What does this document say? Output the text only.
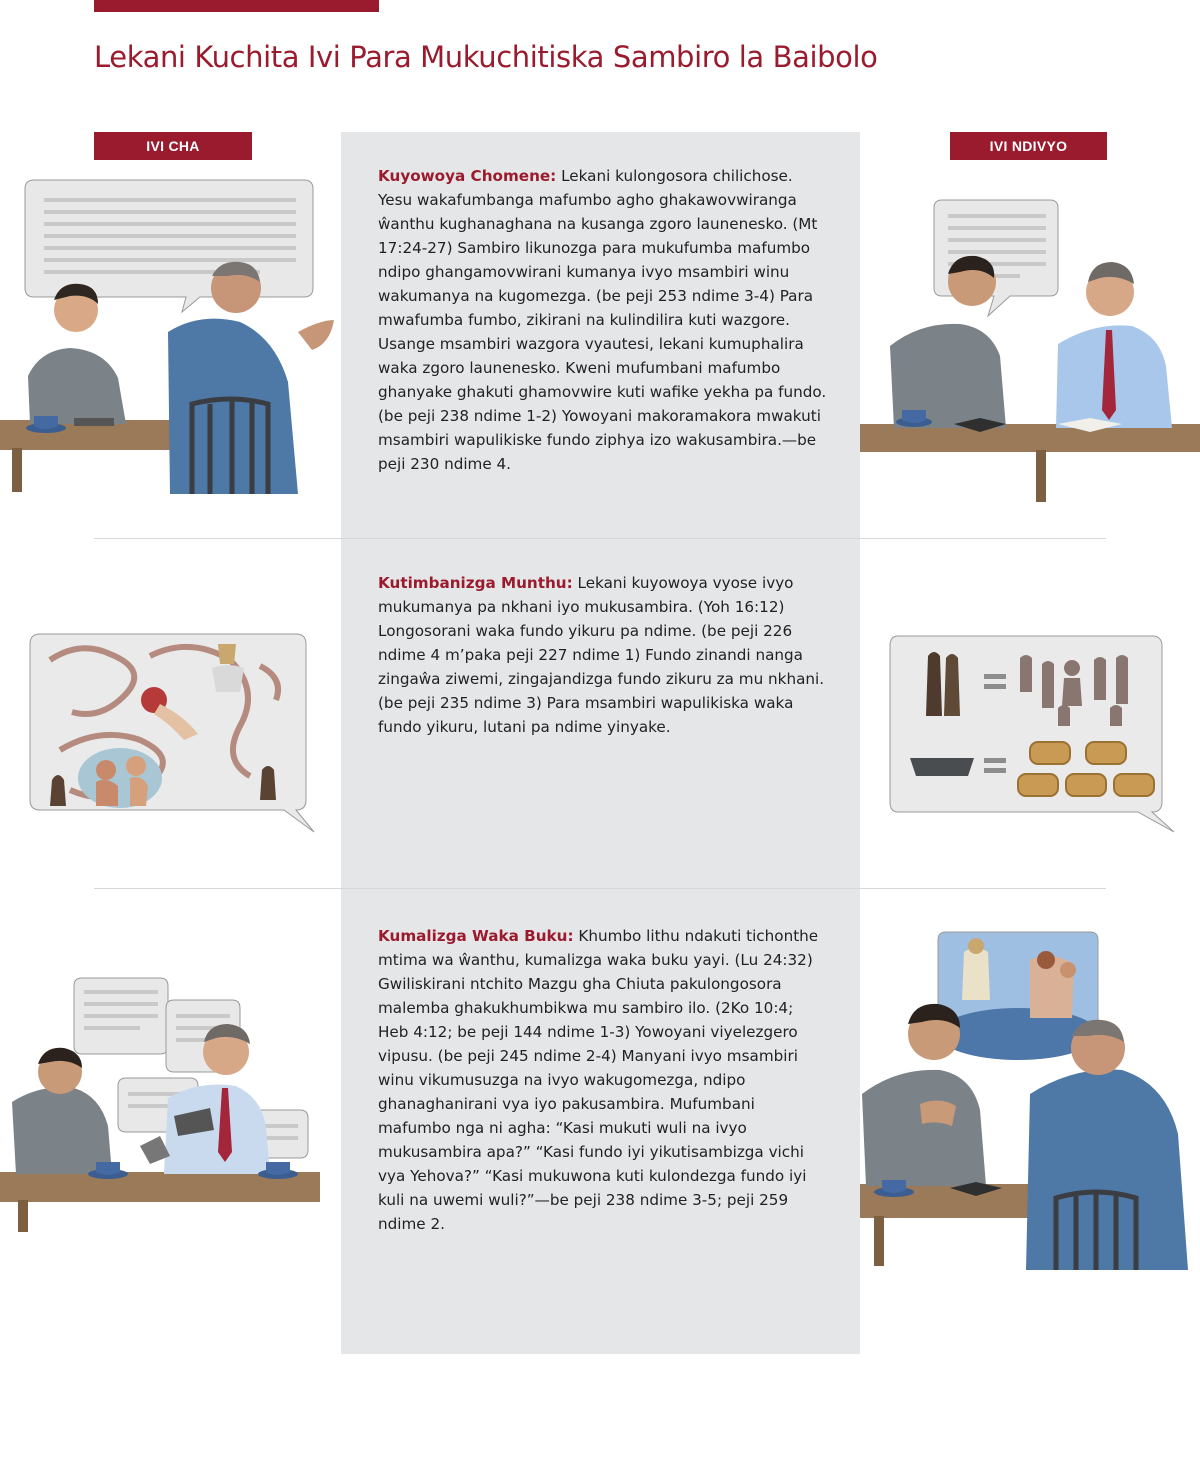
Lekani Kuchita Ivi Para Mukuchitiska Sambiro la Baibolo
IVI CHA	IVI NDIVYO

Kuyowoya Chomene: Lekani kulongosora chilichose. Yesu wakafumbanga mafumbo agho ghakawovwiranga ŵanthu kughanaghana na kusanga zgoro launenesko. (Mt 17:24-27) Sambiro likunozga para mukufumba mafumbo ndipo ghangamovwirani kumanya ivyo msambiri winu wakumanya na kugomezga. (be peji 253 ndime 3-4) Para mwafumba fumbo, zikirani na kulindilira kuti wazgore. Usange msambiri wazgora vyautesi, lekani kumuphalira waka zgoro launenesko. Kweni mufumbani mafumbo ghanyake ghakuti ghamovwire kuti wafike yekha pa fundo. (be peji 238 ndime 1-2) Yowoyani makoramakora mwakuti msambiri wapulikiske fundo ziphya izo wakusambira.—be peji 230 ndime 4.

Kutimbanizga Munthu: Lekani kuyowoya vyose ivyo mukumanya pa nkhani iyo mukusambira. (Yoh 16:12) Longosorani waka fundo yikuru pa ndime. (be peji 226 ndime 4 m’paka peji 227 ndime 1) Fundo zinandi nanga zingaŵa ziwemi, zingajandizga fundo zikuru za mu nkhani. (be peji 235 ndime 3) Para msambiri wapulikiska waka fundo yikuru, lutani pa ndime yinyake.

Kumalizga Waka Buku: Khumbo lithu ndakuti tichonthe mtima wa ŵanthu, kumalizga waka buku yayi. (Lu 24:32) Gwiliskirani ntchito Mazgu gha Chiuta pakulongosora malemba ghakukhumbikwa mu sambiro ilo. (2Ko 10:4; Heb 4:12; be peji 144 ndime 1-3) Yowoyani viyelezgero vipusu. (be peji 245 ndime 2-4) Manyani ivyo msambiri winu vikumusuzga na ivyo wakugomezga, ndipo ghanaghanirani vya iyo pakusambira. Mufumbani mafumbo nga ni agha: “Kasi mukuti wuli na ivyo mukusambira apa?” “Kasi fundo iyi yikutisambizga vichi vya Yehova?” “Kasi mukuwona kuti kulondezga fundo iyi kuli na uwemi wuli?”—be peji 238 ndime 3-5; peji 259 ndime 2.
